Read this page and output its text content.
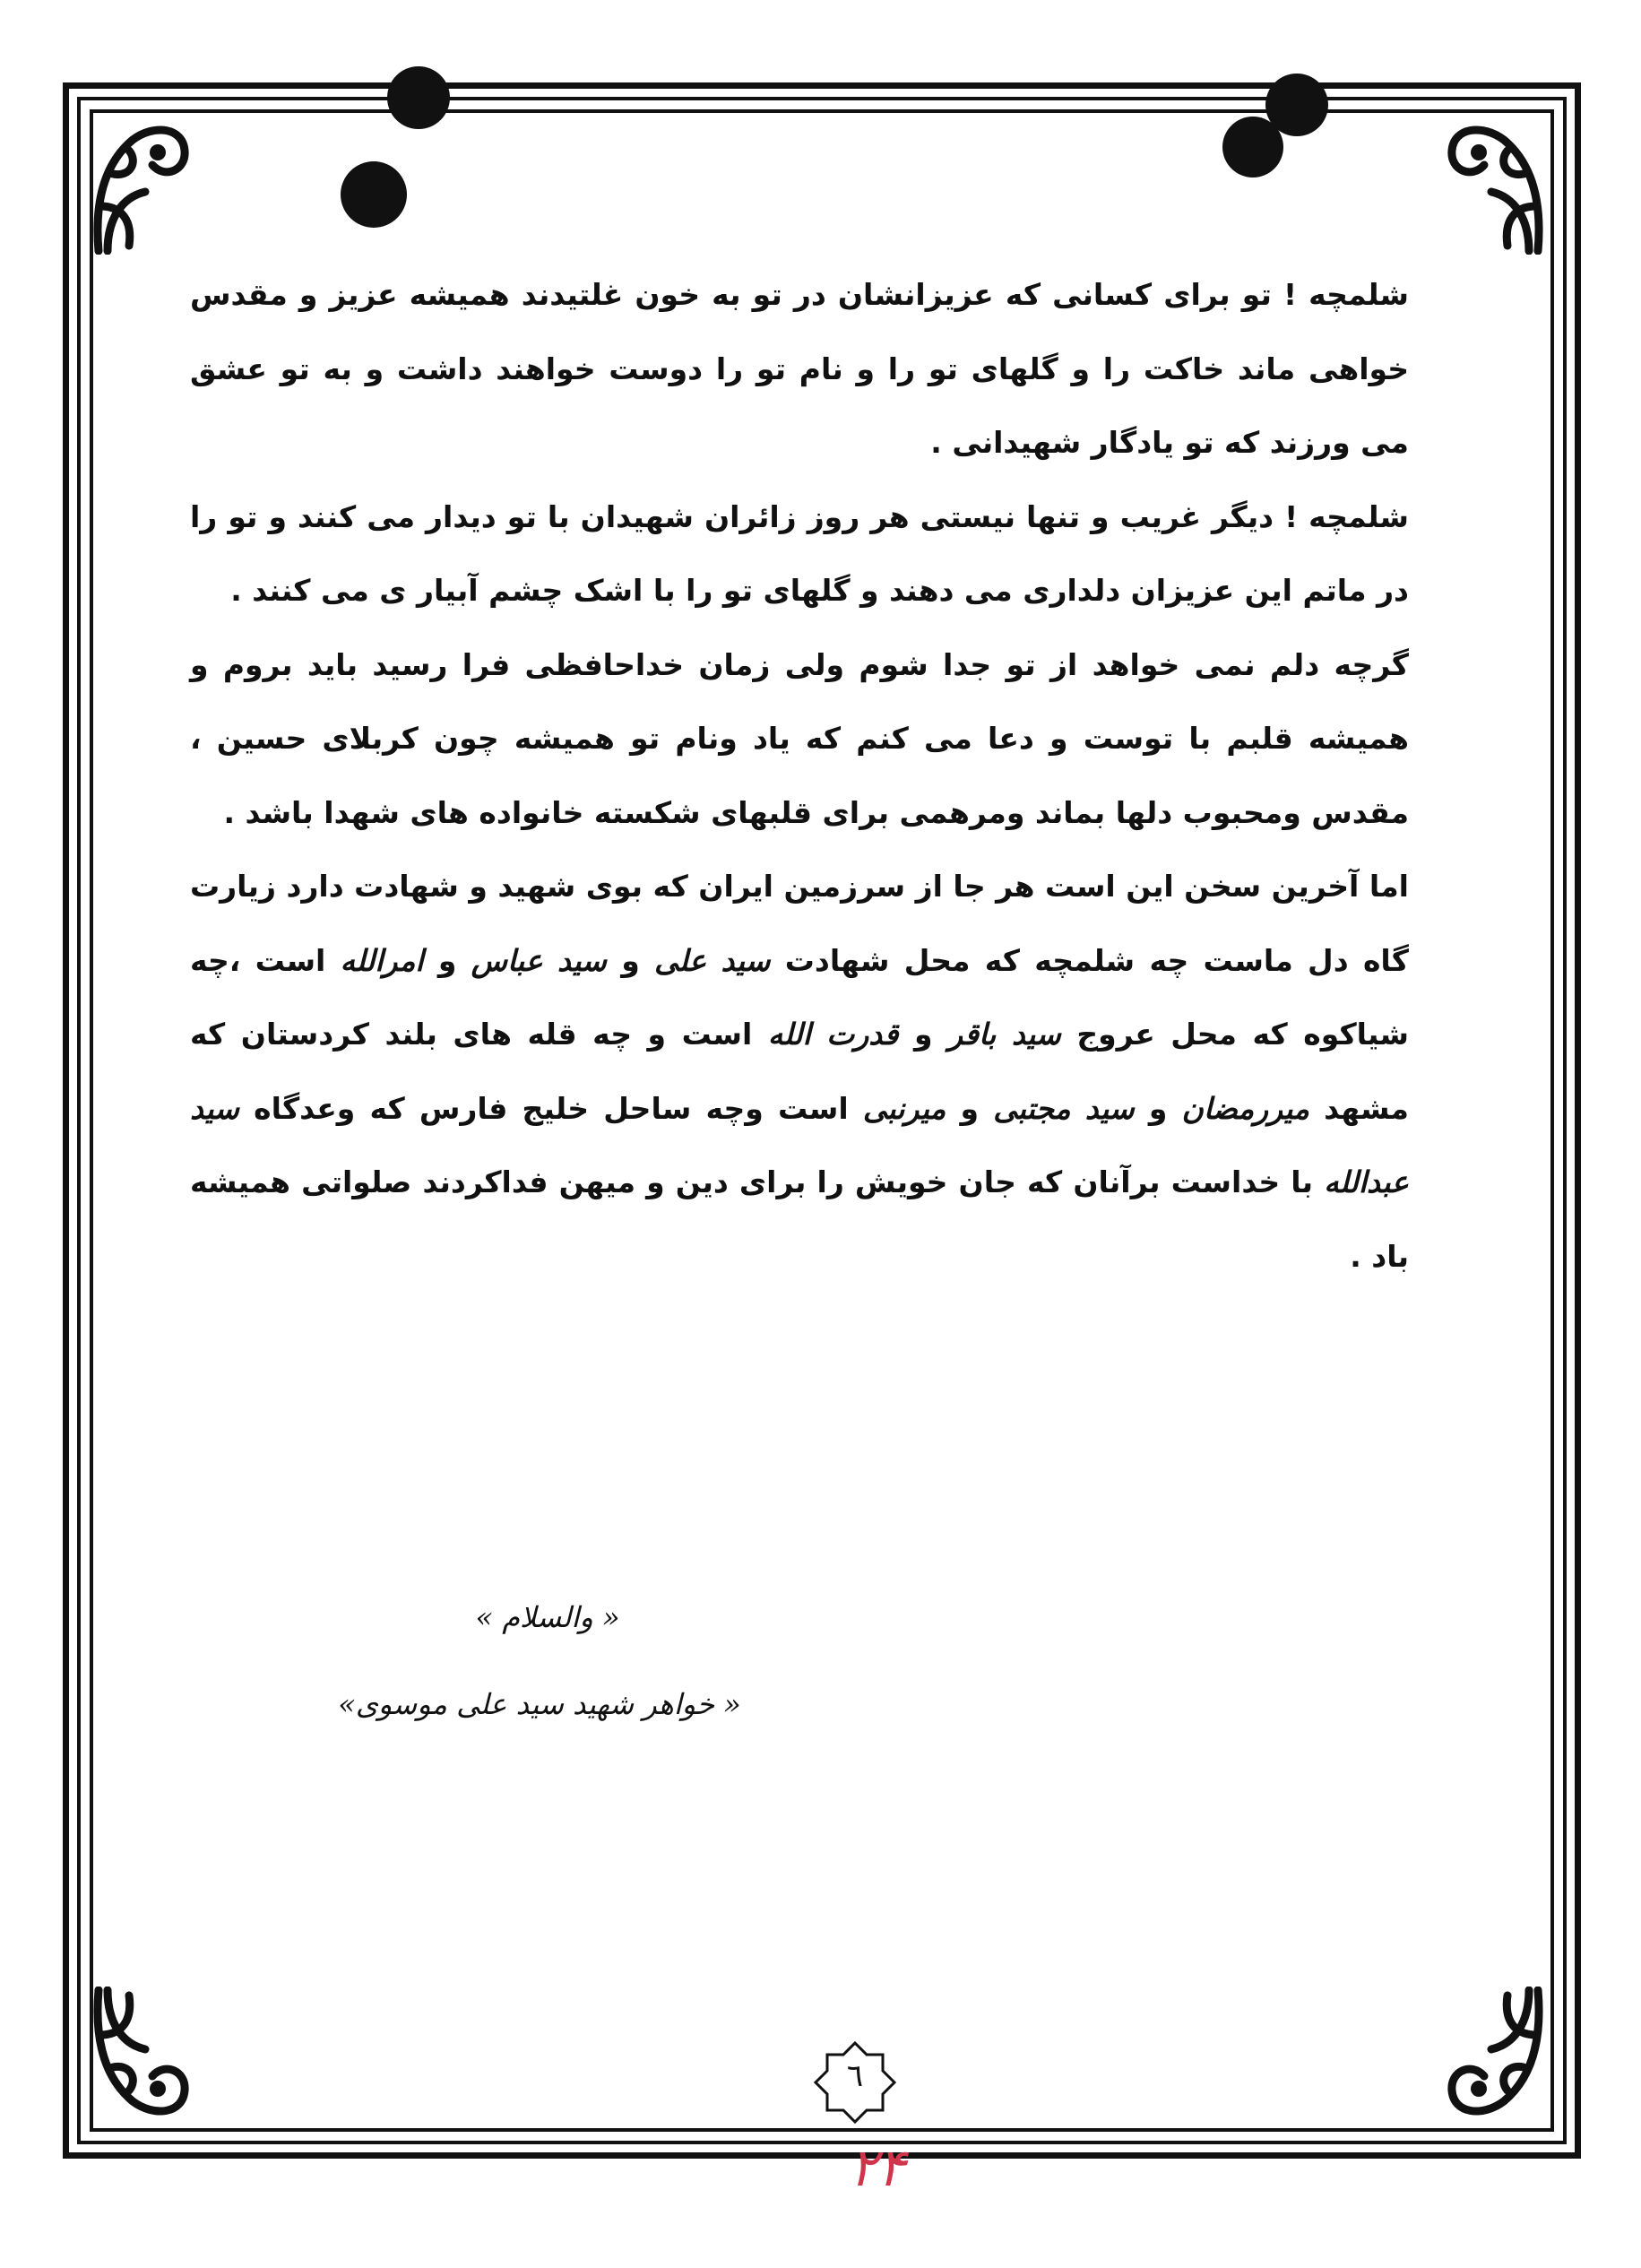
شلمچه ! تو برای کسانی که عزیزانشان در تو به خون غلتیدند همیشه عزیز و مقدس خواهی ماند خاکت را و گلهای تو را و نام تو را دوست خواهند داشت و به تو عشق می ورزند که تو یادگار شهیدانی .

شلمچه ! دیگر غریب و تنها نیستی هر روز زائران شهیدان با تو دیدار می کنند و تو را در ماتم این عزیزان دلداری می دهند و گلهای تو را با اشک چشم آبیار ی می کنند .

گرچه دلم نمی خواهد از تو جدا شوم ولی زمان خداحافظی فرا رسید باید بروم و همیشه قلبم با توست و دعا می کنم که یاد ونام تو همیشه چون کربلای حسین ، مقدس ومحبوب دلها بماند ومرهمی برای قلبهای شکسته خانواده های شهدا باشد .

اما آخرین سخن این است هر جا از سرزمین ایران که بوی شهید و شهادت دارد زیارت گاه دل ماست چه شلمچه که محل شهادت سید علی و سید عباس و امرالله است ،چه شیاکوه که محل عروج سید باقر و قدرت الله است و چه قله های بلند کردستان که مشهد میررمضان و سید مجتبی و میرنبی است وچه ساحل خلیج فارس که وعدگاه سید عبدالله با خداست برآنان که جان خویش را برای دین و میهن فداکردند صلواتی همیشه باد .

« والسلام »
« خواهر شهید سید علی موسوی»
٦
۲۴
